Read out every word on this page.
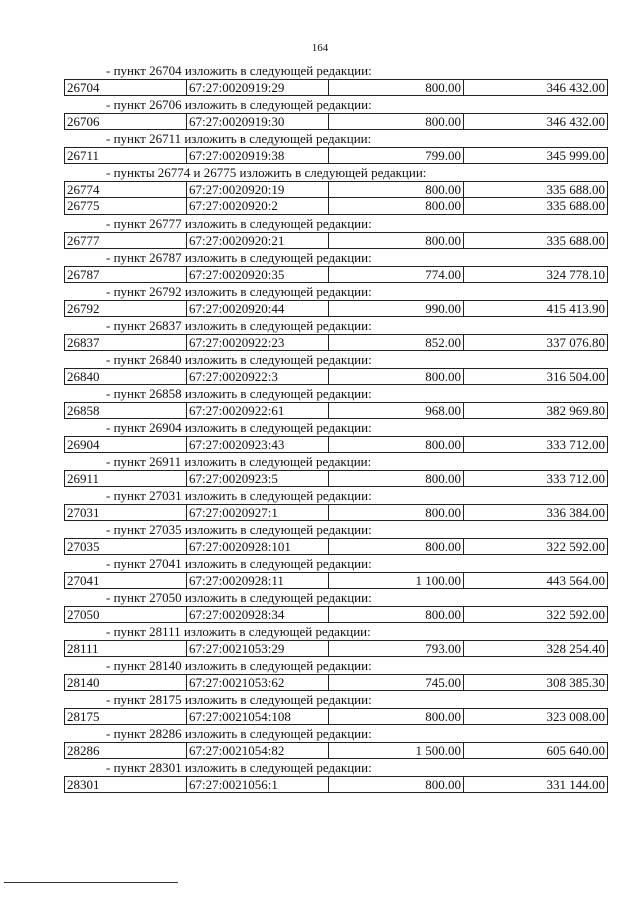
164
- пункт 26704 изложить в следующей редакции:
26704	67:27:0020919:29	800.00	346 432.00
- пункт 26706 изложить в следующей редакции:
26706	67:27:0020919:30	800.00	346 432.00
- пункт 26711 изложить в следующей редакции:
26711	67:27:0020919:38	799.00	345 999.00
- пункты 26774 и 26775 изложить в следующей редакции:
26774	67:27:0020920:19	800.00	335 688.00
26775	67:27:0020920:2	800.00	335 688.00
- пункт 26777 изложить в следующей редакции:
26777	67:27:0020920:21	800.00	335 688.00
- пункт 26787 изложить в следующей редакции:
26787	67:27:0020920:35	774.00	324 778.10
- пункт 26792 изложить в следующей редакции:
26792	67:27:0020920:44	990.00	415 413.90
- пункт 26837 изложить в следующей редакции:
26837	67:27:0020922:23	852.00	337 076.80
- пункт 26840 изложить в следующей редакции:
26840	67:27:0020922:3	800.00	316 504.00
- пункт 26858 изложить в следующей редакции:
26858	67:27:0020922:61	968.00	382 969.80
- пункт 26904 изложить в следующей редакции:
26904	67:27:0020923:43	800.00	333 712.00
- пункт 26911 изложить в следующей редакции:
26911	67:27:0020923:5	800.00	333 712.00
- пункт 27031 изложить в следующей редакции:
27031	67:27:0020927:1	800.00	336 384.00
- пункт 27035 изложить в следующей редакции:
27035	67:27:0020928:101	800.00	322 592.00
- пункт 27041 изложить в следующей редакции:
27041	67:27:0020928:11	1 100.00	443 564.00
- пункт 27050 изложить в следующей редакции:
27050	67:27:0020928:34	800.00	322 592.00
- пункт 28111 изложить в следующей редакции:
28111	67:27:0021053:29	793.00	328 254.40
- пункт 28140 изложить в следующей редакции:
28140	67:27:0021053:62	745.00	308 385.30
- пункт 28175 изложить в следующей редакции:
28175	67:27:0021054:108	800.00	323 008.00
- пункт 28286 изложить в следующей редакции:
28286	67:27:0021054:82	1 500.00	605 640.00
- пункт 28301 изложить в следующей редакции:
28301	67:27:0021056:1	800.00	331 144.00
